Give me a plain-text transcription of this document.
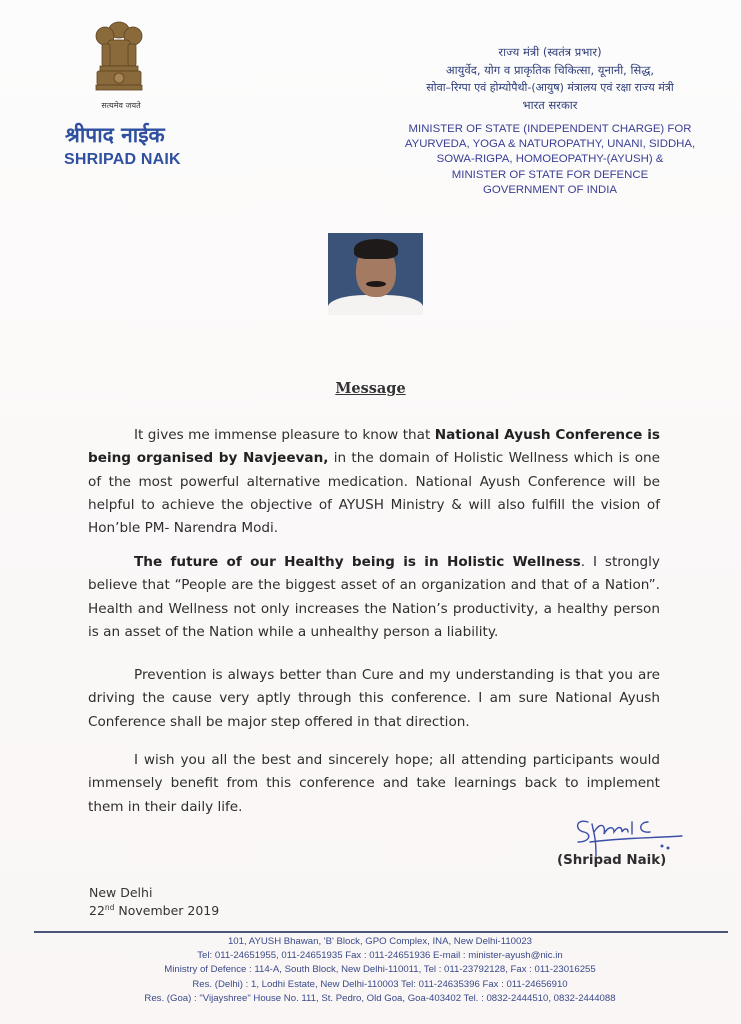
सत्यमेव जयते
श्रीपाद नाईक
SHRIPAD NAIK
राज्य मंत्री (स्वतंत्र प्रभार)
आयुर्वेद, योग व प्राकृतिक चिकित्सा, यूनानी, सिद्ध,
सोवा–रिग्पा एवं होम्योपैथी-(आयुष) मंत्रालय एवं रक्षा राज्य मंत्री
भारत सरकार
MINISTER OF STATE (INDEPENDENT CHARGE) FOR
AYURVEDA, YOGA & NATUROPATHY, UNANI, SIDDHA,
SOWA-RIGPA, HOMOEOPATHY-(AYUSH) &
MINISTER OF STATE FOR DEFENCE
GOVERNMENT OF INDIA
Message

It gives me immense pleasure to know that National Ayush Conference is being organised by Navjeevan, in the domain of Holistic Wellness which is one of the most powerful alternative medication. National Ayush Conference will be helpful to achieve the objective of AYUSH Ministry & will also fulfill the vision of Hon’ble PM- Narendra Modi.

The future of our Healthy being is in Holistic Wellness. I strongly believe that “People are the biggest asset of an organization and that of a Nation”. Health and Wellness not only increases the Nation’s productivity, a healthy person is an asset of the Nation while a unhealthy person a liability.

Prevention is always better than Cure and my understanding is that you are driving the cause very aptly through this conference. I am sure National Ayush Conference shall be major step offered in that direction.

I wish you all the best and sincerely hope; all attending participants would immensely benefit from this conference and take learnings back to implement them in their daily life.

(Shripad Naik)
New Delhi
22nd November 2019
101, AYUSH Bhawan, 'B' Block, GPO Complex, INA, New Delhi-110023
Tel: 011-24651955, 011-24651935 Fax : 011-24651936 E-mail : minister-ayush@nic.in
Ministry of Defence : 114-A, South Block, New Delhi-110011, Tel : 011-23792128, Fax : 011-23016255
Res. (Delhi) : 1, Lodhi Estate, New Delhi-110003 Tel: 011-24635396 Fax : 011-24656910
Res. (Goa) : "Vijayshree" House No. 111, St. Pedro, Old Goa, Goa-403402 Tel. : 0832-2444510, 0832-2444088
